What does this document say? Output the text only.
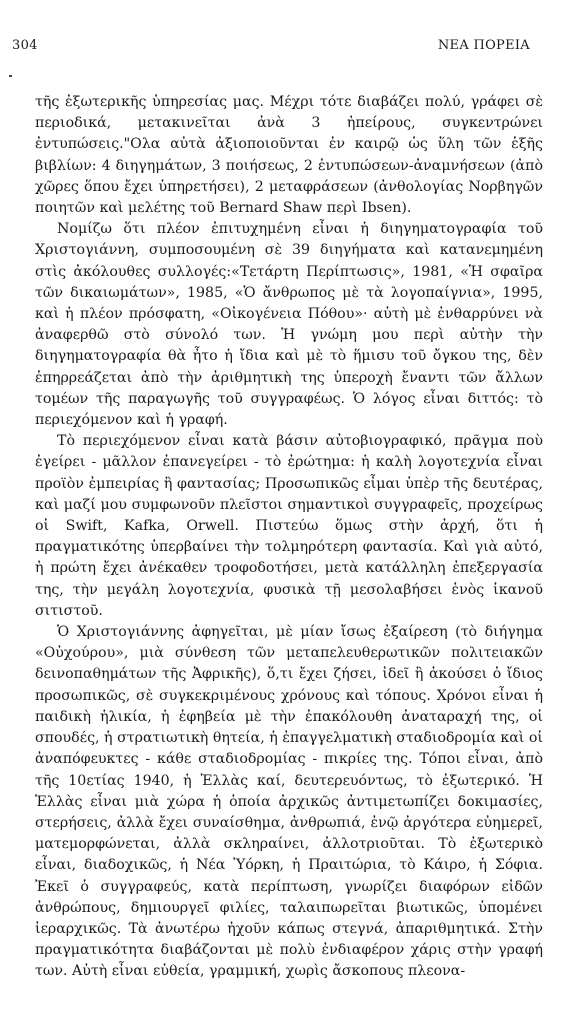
304	ΝΕΑ ΠΟΡΕΙΑ

τῆς ἐξωτερικῆς ὑπηρεσίας μας. Μέχρι τότε διαβάζει πολύ, γράφει σὲ περιοδικά, μετακινεῖται ἀνὰ 3 ἠπείρους, συγκεντρώνει ἐντυπώσεις."Ολα αὐτὰ ἀξιοποιοῦνται ἐν καιρῷ ὡς ὕλη τῶν ἑξῆς βιβλίων: 4 διηγημάτων, 3 ποιήσεως, 2 ἐντυπώσεων-ἀναμνήσεων (ἀπὸ χῶρες ὅπου ἔχει ὑπηρετήσει), 2 μεταφράσεων (ἀνθολογίας Νορβηγῶν ποιητῶν καὶ μελέτης τοῦ Bernard Shaw περὶ Ibsen).

Νομίζω ὅτι πλέον ἐπιτυχημένη εἶναι ἡ διηγηματογραφία τοῦ Χριστογιάννη, συμποσουμένη σὲ 39 διηγήματα καὶ κατανεμημένη στὶς ἀκόλουθες συλλογές:«Τετάρτη Περίπτωσις», 1981, «Ἡ σφαῖρα τῶν δικαιωμάτων», 1985, «Ὁ ἄνθρωπος μὲ τὰ λογοπαίγνια», 1995, καὶ ἡ πλέον πρόσφατη, «Οἰκογένεια Πόθου»· αὐτὴ μὲ ἐνθαρρύνει νὰ ἀναφερθῶ στὸ σύνολό των. Ἡ γνώμη μου περὶ αὐτὴν τὴν διηγηματογραφία θὰ ἦτο ἡ ἴδια καὶ μὲ τὸ ἥμισυ τοῦ ὄγκου της, δὲν ἐπηρρεάζεται ἀπὸ τὴν ἀριθμητικὴ της ὑπεροχὴ ἔναντι τῶν ἄλλων τομέων τῆς παραγωγῆς τοῦ συγγραφέως. Ὁ λόγος εἶναι διττός: τὸ περιεχόμενον καὶ ἡ γραφή.

Τὸ περιεχόμενον εἶναι κατὰ βάσιν αὐτοβιογραφικό, πρᾶγμα ποὺ ἐγείρει - μᾶλλον ἐπανεγείρει - τὸ ἐρώτημα: ἡ καλὴ λογοτεχνία εἶναι προϊὸν ἐμπειρίας ἢ φαντασίας; Προσωπικῶς εἶμαι ὑπὲρ τῆς δευτέρας, καὶ μαζί μου συμφωνοῦν πλεῖστοι σημαντικοὶ συγγραφεῖς, προχείρως οἱ Swift, Kafka, Orwell. Πιστεύω ὅμως στὴν ἀρχή, ὅτι ἡ πραγματικότης ὑπερβαίνει τὴν τολμηρότερη φαντασία. Καὶ γιὰ αὐτό, ἡ πρώτη ἔχει ἀνέκαθεν τροφοδοτήσει, μετὰ κατάλληλη ἐπεξεργασία της, τὴν μεγάλη λογοτεχνία, φυσικὰ τῇ μεσολαβήσει ἑνὸς ἱκανοῦ σιτιστοῦ.

Ὁ Χριστογιάννης ἀφηγεῖται, μὲ μίαν ἴσως ἐξαίρεση (τὸ διήγημα «Οὐχούρου», μιὰ σύνθεση τῶν μεταπελευθερωτικῶν πολιτειακῶν δεινοπαθημάτων τῆς Ἀφρικῆς), ὅ,τι ἔχει ζήσει, ἰδεῖ ἢ ἀκούσει ὁ ἴδιος προσωπικῶς, σὲ συγκεκριμένους χρόνους καὶ τόπους. Χρόνοι εἶναι ἡ παιδικὴ ἡλικία, ἡ ἐφηβεία μὲ τὴν ἐπακόλουθη ἀναταραχή της, οἱ σπουδές, ἡ στρατιωτικὴ θητεία, ἡ ἐπαγγελματικὴ σταδιοδρομία καὶ οἱ ἀναπόφευκτες - κάθε σταδιοδρομίας - πικρίες της. Τόποι εἶναι, ἀπὸ τῆς 10ετίας 1940, ἡ Ἑλλὰς καί, δευτερευόντως, τὸ ἐξωτερικό. Ἡ Ἑλλὰς εἶναι μιὰ χώρα ἡ ὁποία ἀρχικῶς ἀντιμετωπίζει δοκιμασίες, στερήσεις, ἀλλὰ ἔχει συναίσθημα, ἀνθρωπιά, ἐνῷ ἀργότερα εὐημερεῖ, ματεμορφώνεται, ἀλλὰ σκληραίνει, ἀλλοτριοῦται. Τὸ ἐξωτερικὸ εἶναι, διαδοχικῶς, ἡ Νέα Ὑόρκη, ἡ Πραιτώρια, τὸ Κάιρο, ἡ Σόφια. Ἐκεῖ ὁ συγγραφεύς, κατὰ περίπτωση, γνωρίζει διαφόρων εἰδῶν ἀνθρώπους, δημιουργεῖ φιλίες, ταλαιπωρεῖται βιωτικῶς, ὑπομένει ἱεραρχικῶς. Τὰ ἀνωτέρω ἠχοῦν κάπως στεγνά, ἀπαριθμητικά. Στὴν πραγματικότητα διαβάζονται μὲ πολὺ ἐνδιαφέρον χάρις στὴν γραφή των. Αὐτὴ εἶναι εὐθεία, γραμμική, χωρὶς ἄσκοπους πλεονα-
